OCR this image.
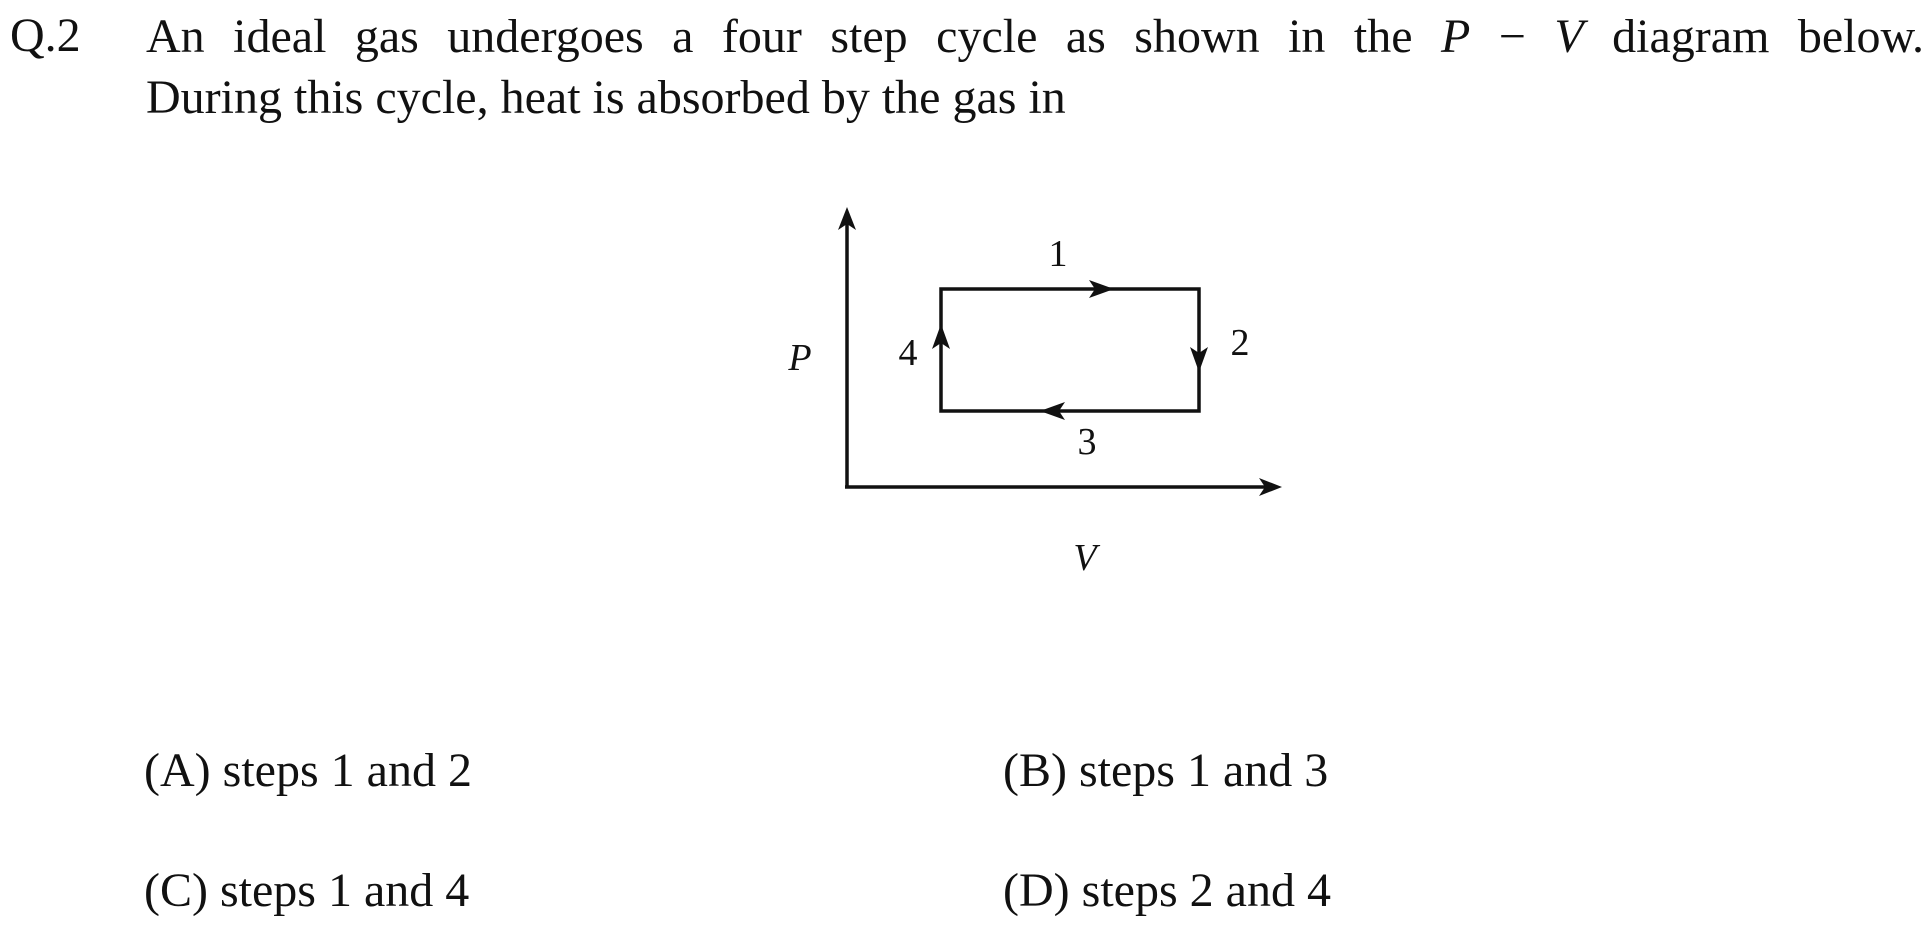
Q.2 An ideal gas undergoes a four step cycle as shown in the P − V diagram below.
During this cycle, heat is absorbed by the gas in
P
V
1
2
3
4
(A) steps 1 and 2	(B) steps 1 and 3
(C) steps 1 and 4	(D) steps 2 and 4
